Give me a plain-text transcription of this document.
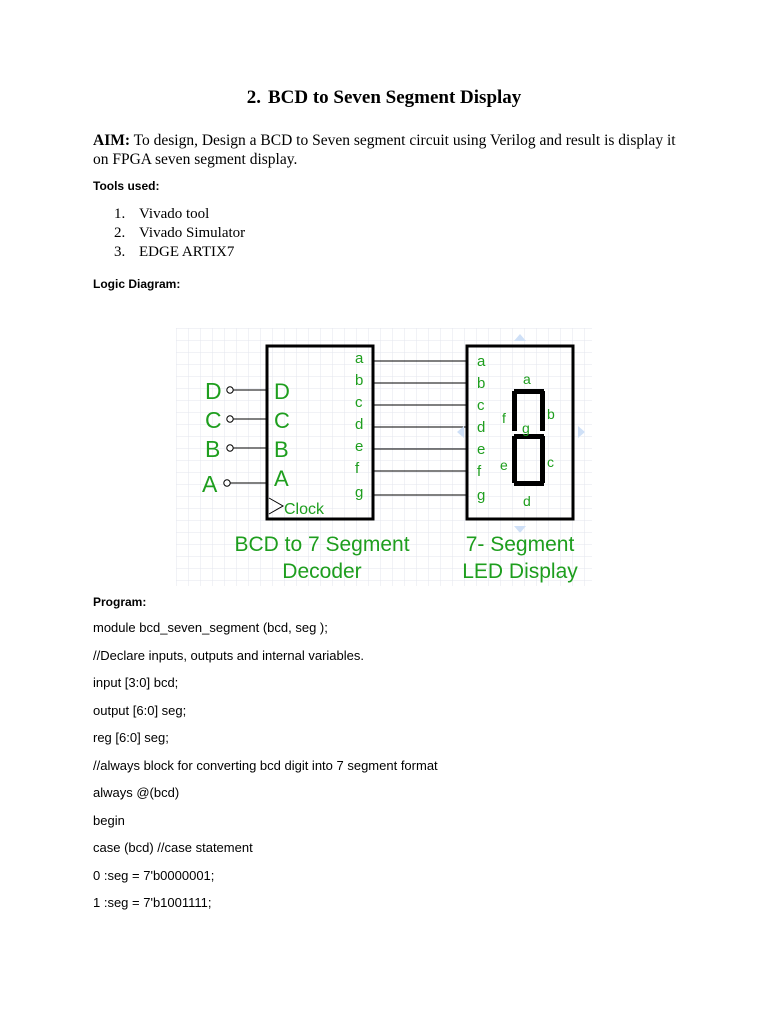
2. BCD to Seven Segment Display
AIM: To design, Design a BCD to Seven segment circuit using Verilog and result is display it on FPGA seven segment display.
Tools used:
1. Vivado tool
2. Vivado Simulator
3. EDGE ARTIX7
Logic Diagram:
D
C
B
A
D
C
B
A
Clock
a
b
c
d
e
f
g
a
b
c
d
e
f
g
a
b
c
d
e
f
g
BCD to 7 Segment
Decoder
7- Segment
LED Display
Program:
module bcd_seven_segment (bcd, seg );
//Declare inputs, outputs and internal variables.
input [3:0] bcd;
output [6:0] seg;
reg [6:0] seg;
//always block for converting bcd digit into 7 segment format
always @(bcd)
begin
case (bcd) //case statement
0 :seg = 7'b0000001;
1 :seg = 7'b1001111;
